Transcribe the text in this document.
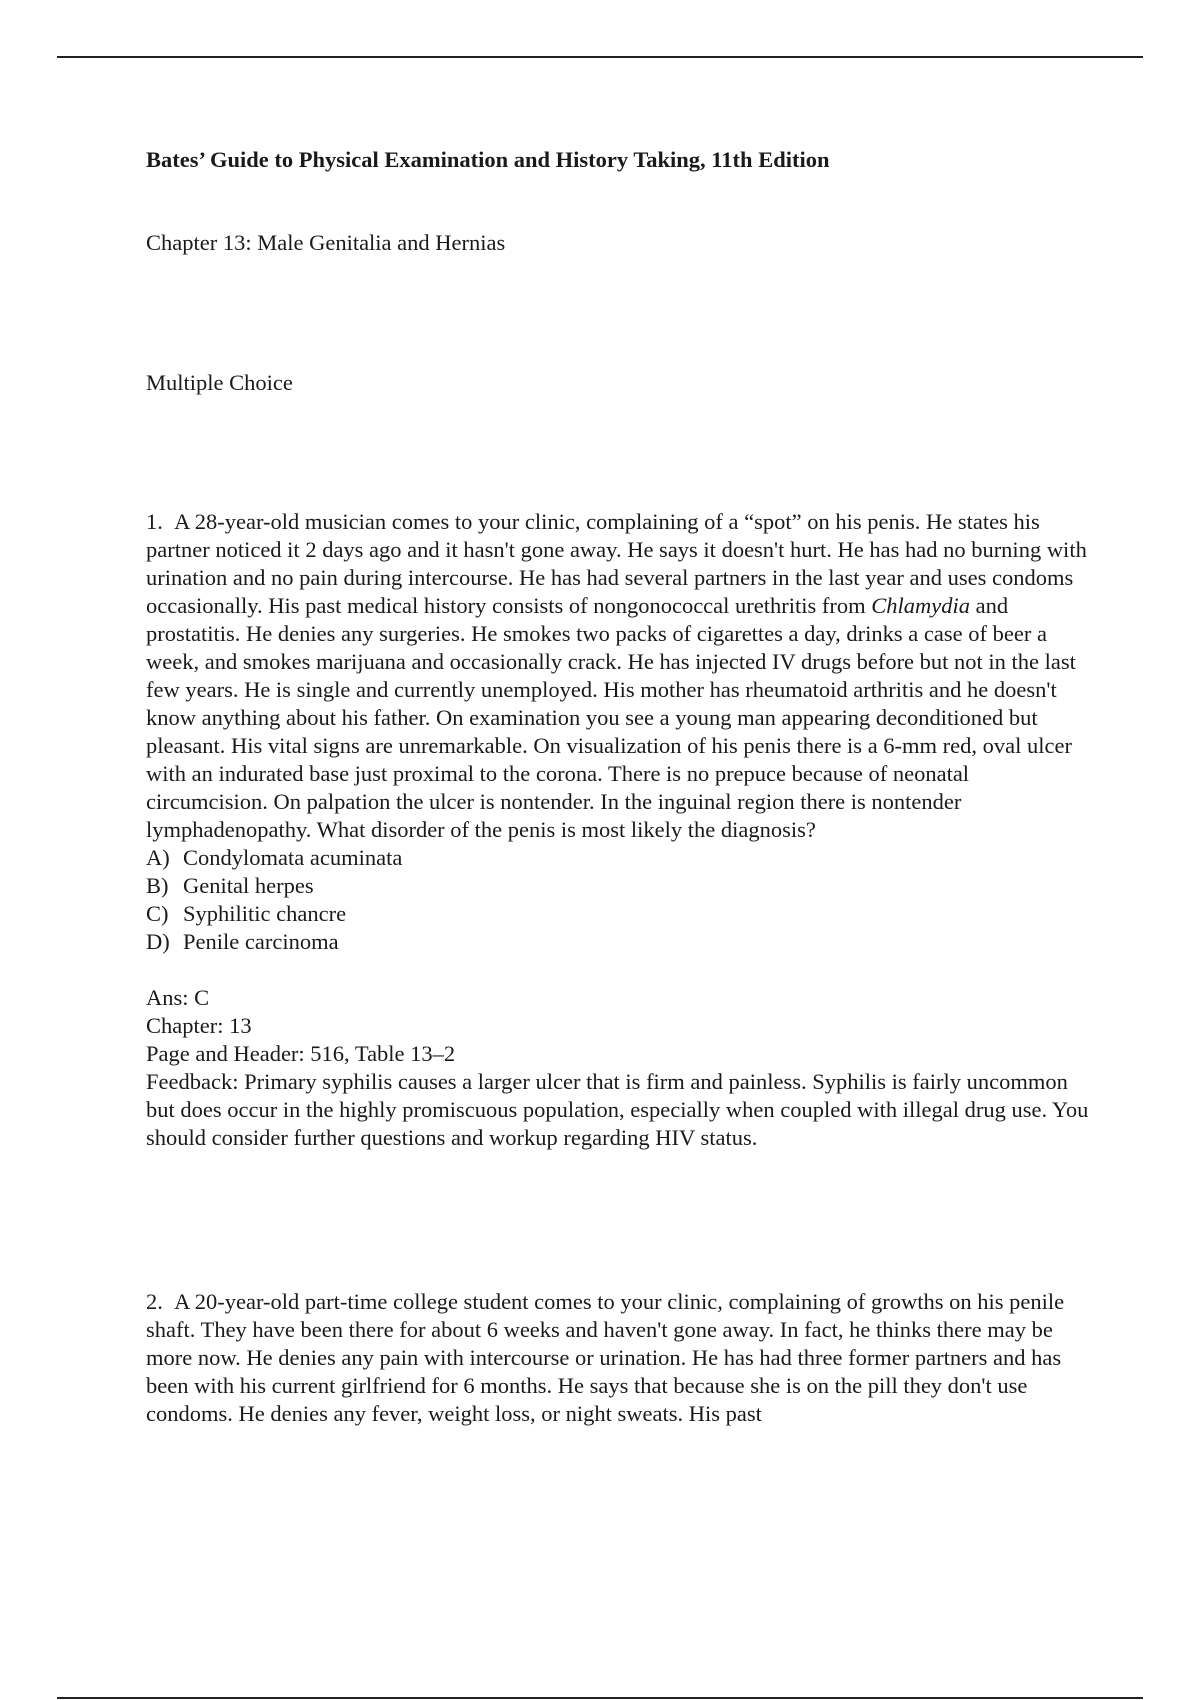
Bates’ Guide to Physical Examination and History Taking, 11th Edition
Chapter 13: Male Genitalia and Hernias
Multiple Choice

1. A 28-year-old musician comes to your clinic, complaining of a “spot” on his penis. He states his partner noticed it 2 days ago and it hasn't gone away. He says it doesn't hurt. He has had no burning with urination and no pain during intercourse. He has had several partners in the last year and uses condoms occasionally. His past medical history consists of nongonococcal urethritis from Chlamydia and prostatitis. He denies any surgeries. He smokes two packs of cigarettes a day, drinks a case of beer a week, and smokes marijuana and occasionally crack. He has injected IV drugs before but not in the last few years. He is single and currently unemployed. His mother has rheumatoid arthritis and he doesn't know anything about his father. On examination you see a young man appearing deconditioned but pleasant. His vital signs are unremarkable. On visualization of his penis there is a 6-mm red, oval ulcer with an indurated base just proximal to the corona. There is no prepuce because of neonatal circumcision. On palpation the ulcer is nontender. In the inguinal region there is nontender lymphadenopathy. What disorder of the penis is most likely the diagnosis?

A) Condylomata acuminata
B) Genital herpes
C) Syphilitic chancre
D) Penile carcinoma

Ans: C

Chapter: 13

Page and Header: 516, Table 13–2

Feedback: Primary syphilis causes a larger ulcer that is firm and painless. Syphilis is fairly uncommon but does occur in the highly promiscuous population, especially when coupled with illegal drug use. You should consider further questions and workup regarding HIV status.

2. A 20-year-old part-time college student comes to your clinic, complaining of growths on his penile shaft. They have been there for about 6 weeks and haven't gone away. In fact, he thinks there may be more now. He denies any pain with intercourse or urination. He has had three former partners and has been with his current girlfriend for 6 months. He says that because she is on the pill they don't use condoms. He denies any fever, weight loss, or night sweats. His past
